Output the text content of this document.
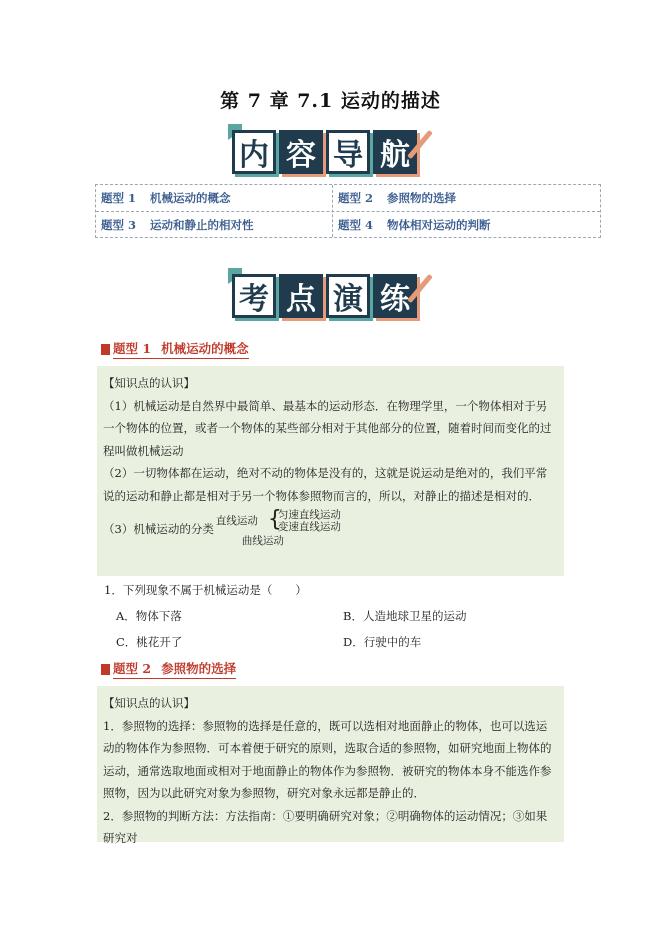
第 7 章 7.1 运动的描述
内 容 导 航
题型 1 机械运动的概念	题型 2 参照物的选择
题型 3 运动和静止的相对性	题型 4 物体相对运动的判断
考 点 演 练
题型 1 机械运动的概念

【知识点的认识】

（1）机械运动是自然界中最简单、最基本的运动形态．在物理学里，一个物体相对于另一个物体的位置，或者一个物体的某些部分相对于其他部分的位置，随着时间而变化的过程叫做机械运动

（2）一切物体都在运动，绝对不动的物体是没有的，这就是说运动是绝对的，我们平常说的运动和静止都是相对于另一个物体参照物而言的，所以，对静止的描述是相对的．

（3）机械运动的分类
直线运动 {
匀速直线运动
变速直线运动
曲线运动
1．下列现象不属于机械运动是（　　）
A．物体下落	B．人造地球卫星的运动
C．桃花开了	D．行驶中的车
题型 2 参照物的选择

【知识点的认识】

1．参照物的选择：参照物的选择是任意的，既可以选相对地面静止的物体，也可以选运动的物体作为参照物．可本着便于研究的原则，选取合适的参照物，如研究地面上物体的运动，通常选取地面或相对于地面静止的物体作为参照物．被研究的物体本身不能选作参照物，因为以此研究对象为参照物，研究对象永远都是静止的．

2．参照物的判断方法：方法指南：①要明确研究对象；②明确物体的运动情况；③如果研究对
